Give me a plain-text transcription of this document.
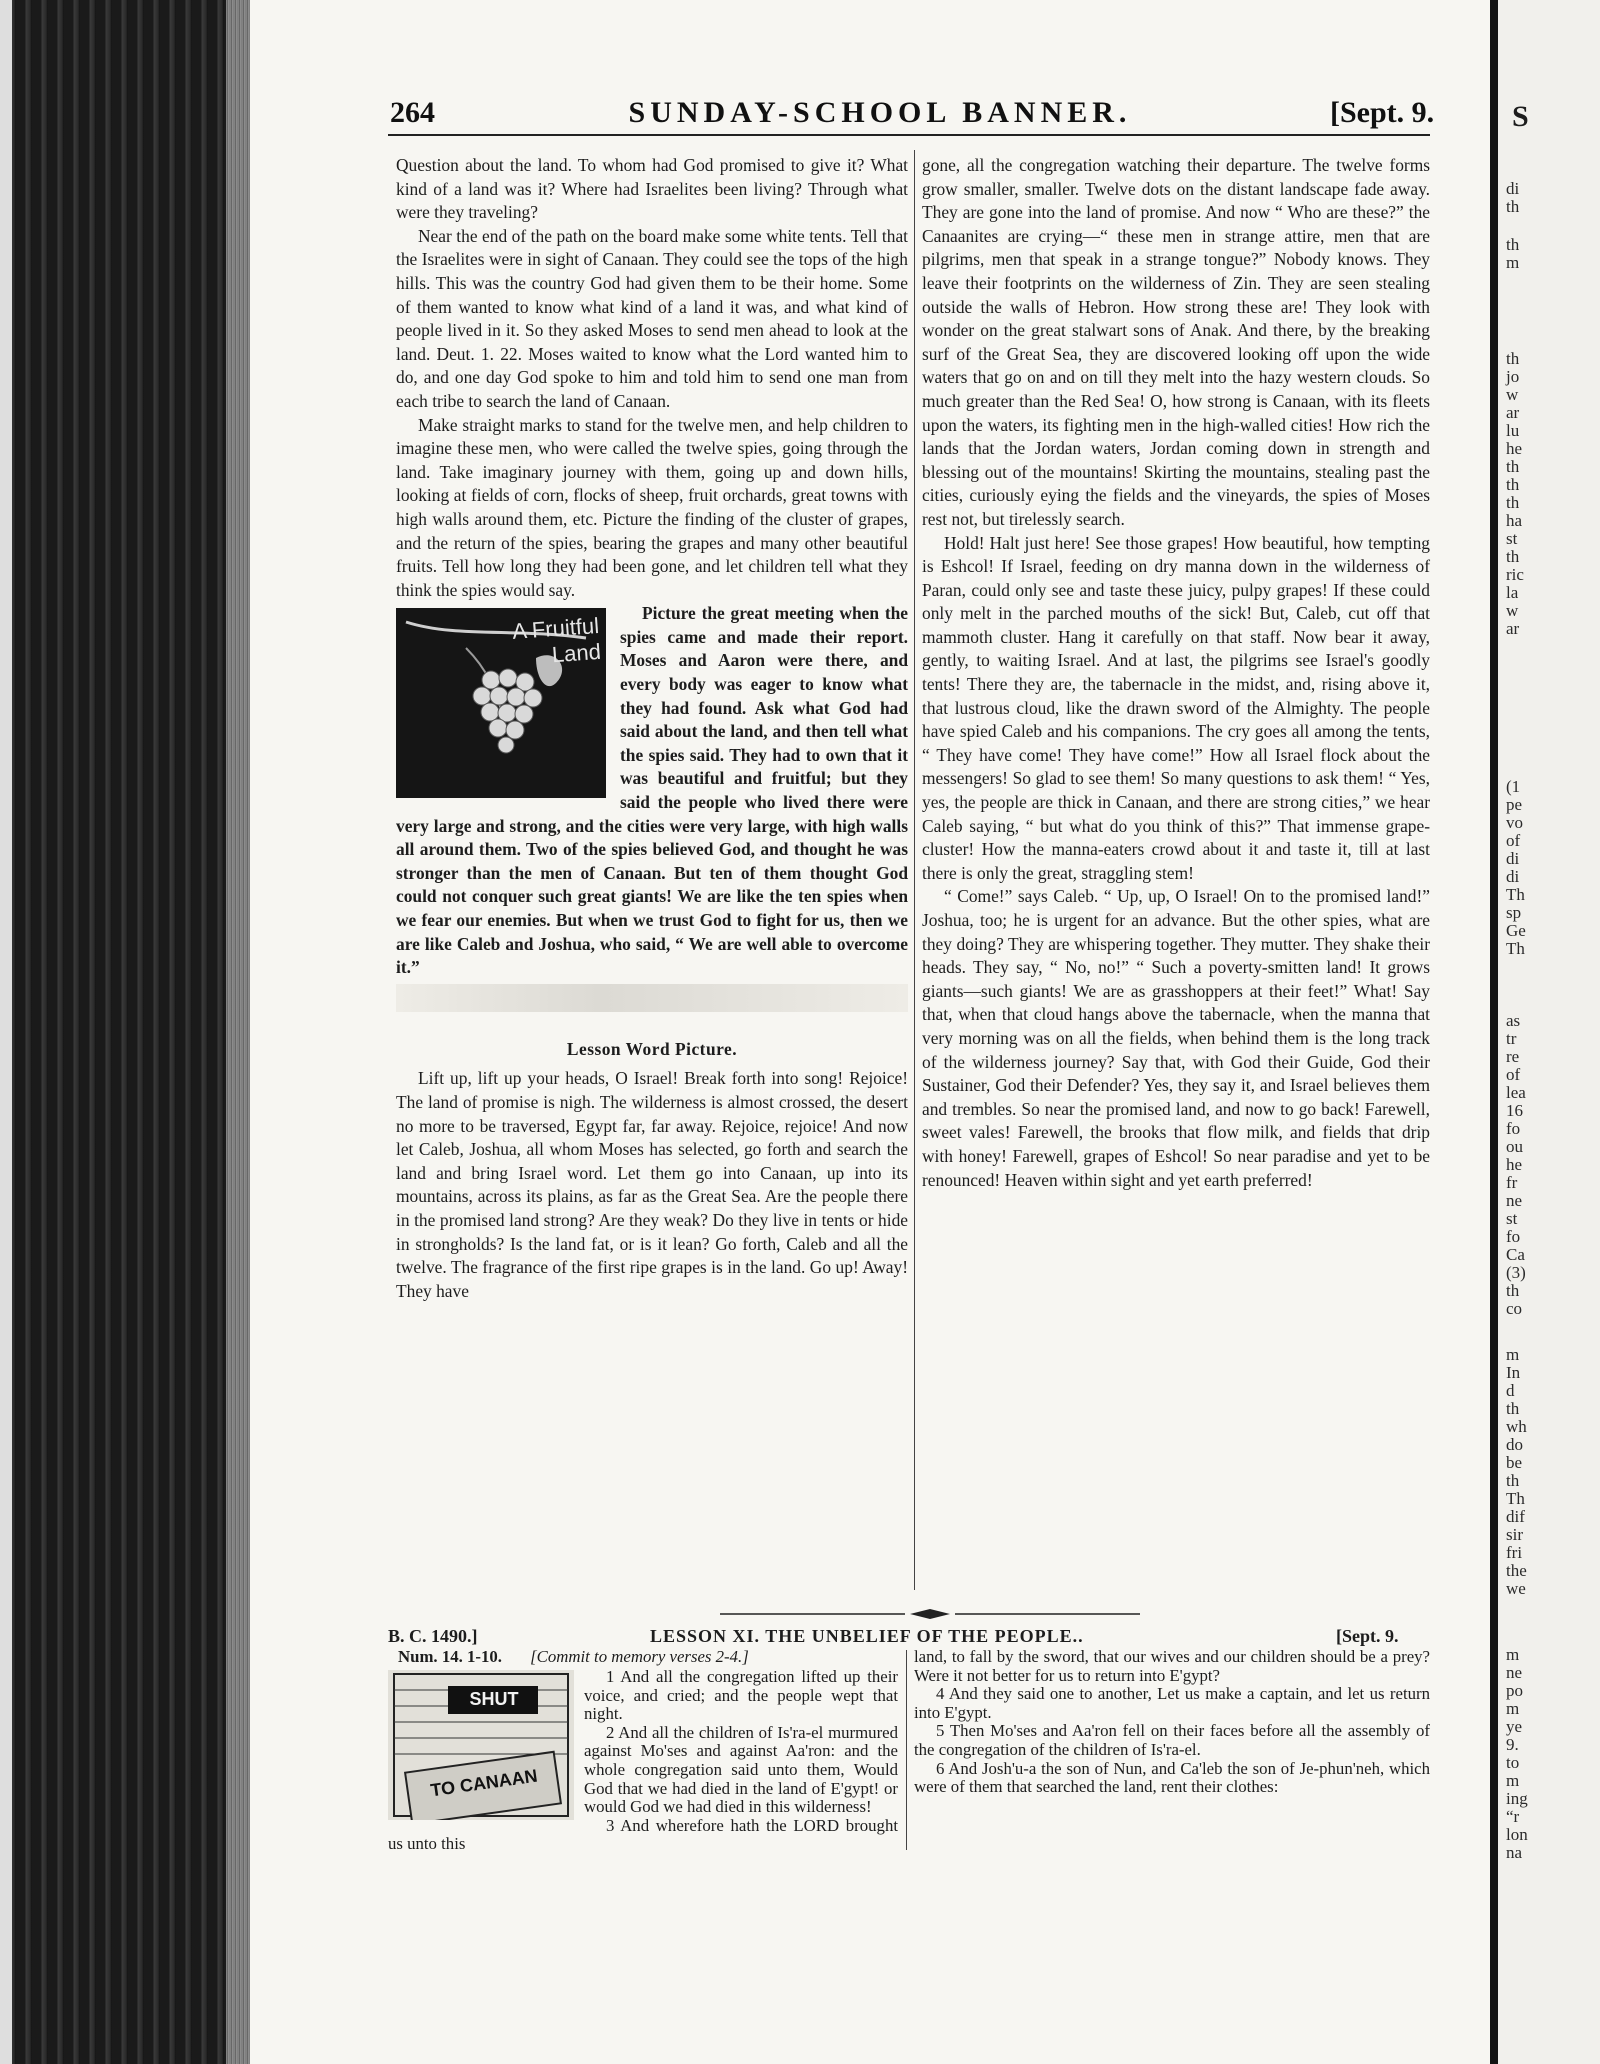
S
di
th
th
m
th
jo
w
ar
lu
he
th
th
th
ha
st
th
ric
la
w
ar
(1
pe
vo
of
di
di
Th
sp
Ge
Th
as
tr
re
of
lea
16
fo
ou
he
fr
ne
st
fo
Ca
(3)
th
co
m
In
d
th
wh
do
be
th
Th
dif
sir
fri
the
we
m
ne
po
m
ye
9.
to
m
ing
“r
lon
na
264	SUNDAY-SCHOOL BANNER.	[Sept. 9.

Question about the land. To whom had God promised to give it? What kind of a land was it? Where had Israelites been living? Through what were they traveling?

Near the end of the path on the board make some white tents. Tell that the Israelites were in sight of Canaan. They could see the tops of the high hills. This was the country God had given them to be their home. Some of them wanted to know what kind of a land it was, and what kind of people lived in it. So they asked Moses to send men ahead to look at the land. Deut. 1. 22. Moses waited to know what the Lord wanted him to do, and one day God spoke to him and told him to send one man from each tribe to search the land of Canaan.

Make straight marks to stand for the twelve men, and help children to imagine these men, who were called the twelve spies, going through the land. Take imaginary journey with them, going up and down hills, looking at fields of corn, flocks of sheep, fruit orchards, great towns with high walls around them, etc. Picture the finding of the cluster of grapes, and the return of the spies, bearing the grapes and many other beautiful fruits. Tell how long they had been gone, and let children tell what they think the spies would say.

A Fruitful Land

Picture the great meeting when the spies came and made their report. Moses and Aaron were there, and every body was eager to know what they had found. Ask what God had said about the land, and then tell what the spies said. They had to own that it was beautiful and fruitful; but they said the people who lived there were very large and strong, and the cities were very large, with high walls all around them. Two of the spies believed God, and thought he was stronger than the men of Canaan. But ten of them thought God could not conquer such great giants! We are like the ten spies when we fear our enemies. But when we trust God to fight for us, then we are like Caleb and Joshua, who said, “ We are well able to overcome it.”

Lesson Word Picture.

Lift up, lift up your heads, O Israel! Break forth into song! Rejoice! The land of promise is nigh. The wilderness is almost crossed, the desert no more to be traversed, Egypt far, far away. Rejoice, rejoice! And now let Caleb, Joshua, all whom Moses has selected, go forth and search the land and bring Israel word. Let them go into Canaan, up into its mountains, across its plains, as far as the Great Sea. Are the people there in the promised land strong? Are they weak? Do they live in tents or hide in strongholds? Is the land fat, or is it lean? Go forth, Caleb and all the twelve. The fragrance of the first ripe grapes is in the land. Go up! Away! They have

gone, all the congregation watching their departure. The twelve forms grow smaller, smaller. Twelve dots on the distant landscape fade away. They are gone into the land of promise. And now “ Who are these?” the Canaanites are crying—“ these men in strange attire, men that are pilgrims, men that speak in a strange tongue?” Nobody knows. They leave their footprints on the wilderness of Zin. They are seen stealing outside the walls of Hebron. How strong these are! They look with wonder on the great stalwart sons of Anak. And there, by the breaking surf of the Great Sea, they are discovered looking off upon the wide waters that go on and on till they melt into the hazy western clouds. So much greater than the Red Sea! O, how strong is Canaan, with its fleets upon the waters, its fighting men in the high-walled cities! How rich the lands that the Jordan waters, Jordan coming down in strength and blessing out of the mountains! Skirting the mountains, stealing past the cities, curiously eying the fields and the vineyards, the spies of Moses rest not, but tirelessly search.

Hold! Halt just here! See those grapes! How beautiful, how tempting is Eshcol! If Israel, feeding on dry manna down in the wilderness of Paran, could only see and taste these juicy, pulpy grapes! If these could only melt in the parched mouths of the sick! But, Caleb, cut off that mammoth cluster. Hang it carefully on that staff. Now bear it away, gently, to waiting Israel. And at last, the pilgrims see Israel's goodly tents! There they are, the tabernacle in the midst, and, rising above it, that lustrous cloud, like the drawn sword of the Almighty. The people have spied Caleb and his companions. The cry goes all among the tents, “ They have come! They have come!” How all Israel flock about the messengers! So glad to see them! So many questions to ask them! “ Yes, yes, the people are thick in Canaan, and there are strong cities,” we hear Caleb saying, “ but what do you think of this?” That immense grape-cluster! How the manna-eaters crowd about it and taste it, till at last there is only the great, straggling stem!

“ Come!” says Caleb. “ Up, up, O Israel! On to the promised land!” Joshua, too; he is urgent for an advance. But the other spies, what are they doing? They are whispering together. They mutter. They shake their heads. They say, “ No, no!” “ Such a poverty-smitten land! It grows giants—such giants! We are as grasshoppers at their feet!” What! Say that, when that cloud hangs above the tabernacle, when the manna that very morning was on all the fields, when behind them is the long track of the wilderness journey? Say that, with God their Guide, God their Sustainer, God their Defender? Yes, they say it, and Israel believes them and trembles. So near the promised land, and now to go back! Farewell, sweet vales! Farewell, the brooks that flow milk, and fields that drip with honey! Farewell, grapes of Eshcol! So near paradise and yet to be renounced! Heaven within sight and yet earth preferred!

B. C. 1490.]	LESSON XI. THE UNBELIEF OF THE PEOPLE..	[Sept. 9.
Num. 14. 1-10. [Commit to memory verses 2-4.]
SHUT
TO CANAAN

1 And all the congregation lifted up their voice, and cried; and the people wept that night.

2 And all the children of Is'ra-el murmured against Mo'ses and against Aa'ron: and the whole congregation said unto them, Would God that we had died in the land of E'gypt! or would God we had died in this wilderness!

3 And wherefore hath the LORD brought us unto this

land, to fall by the sword, that our wives and our children should be a prey? Were it not better for us to return into E'gypt?

4 And they said one to another, Let us make a captain, and let us return into E'gypt.

5 Then Mo'ses and Aa'ron fell on their faces before all the assembly of the congregation of the children of Is'ra-el.

6 And Josh'u-a the son of Nun, and Ca'leb the son of Je-phun'neh, which were of them that searched the land, rent their clothes:
